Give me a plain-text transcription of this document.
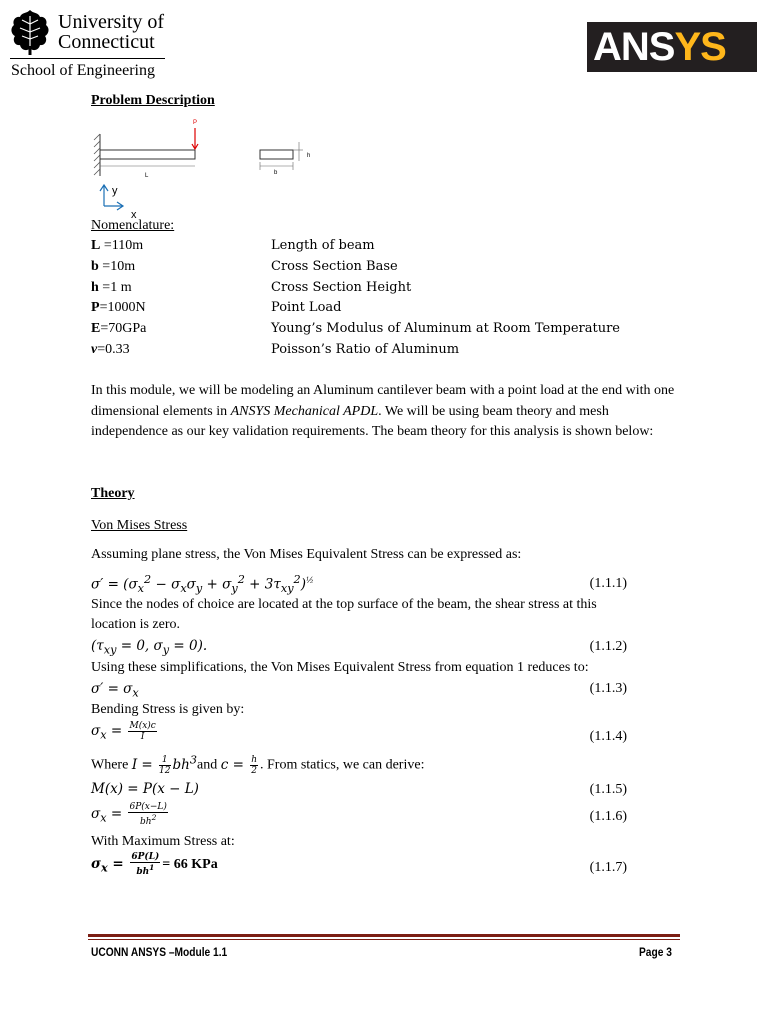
University of
Connecticut
School of Engineering
ANSYS
Problem Description
P
L
y
x
b
h
Nomenclature:
L =110m	Length of beam
b =10m	Cross Section Base
h =1 m	Cross Section Height
P=1000N	Point Load
E=70GPa	Young’s Modulus of Aluminum at Room Temperature
v=0.33	Poisson’s Ratio of Aluminum
In this module, we will be modeling an Aluminum cantilever beam with a point load at the end with one dimensional elements in ANSYS Mechanical APDL. We will be using beam theory and mesh independence as our key validation requirements. The beam theory for this analysis is shown below:
Theory
Von Mises Stress
Assuming plane stress, the Von Mises Equivalent Stress can be expressed as:
$\sigma' = (\sigma_x^2 - \sigma_x\sigma_y + \sigma_y^2 + 3\tau_{xy}^2)^{\frac{1}{2}}$	(1.1.1)
Since the nodes of choice are located at the top surface of the beam, the shear stress at this
location is zero.
($\tau_{xy} = 0$, $\sigma_y = 0$).	(1.1.2)
Using these simplifications, the Von Mises Equivalent Stress from equation 1 reduces to:
$\sigma' = \sigma_x$	(1.1.3)
Bending Stress is given by:
$\sigma_x = \frac{M(x)c}{I}$	(1.1.4)
Where $I = \frac{1}{12} bh^3and$ $c = \frac{h}{2}$ . From statics, we can derive:
M(x) = P(x − L)	(1.1.5)
$\sigma_x = \frac{6P(x-L)}{bh^2}$	(1.1.6)
With Maximum Stress at:
$\sigma_x = \frac{6P(L)}{bh^1} = 66$ KPa	(1.1.7)
UCONN ANSYS –Module 1.1	Page 3
